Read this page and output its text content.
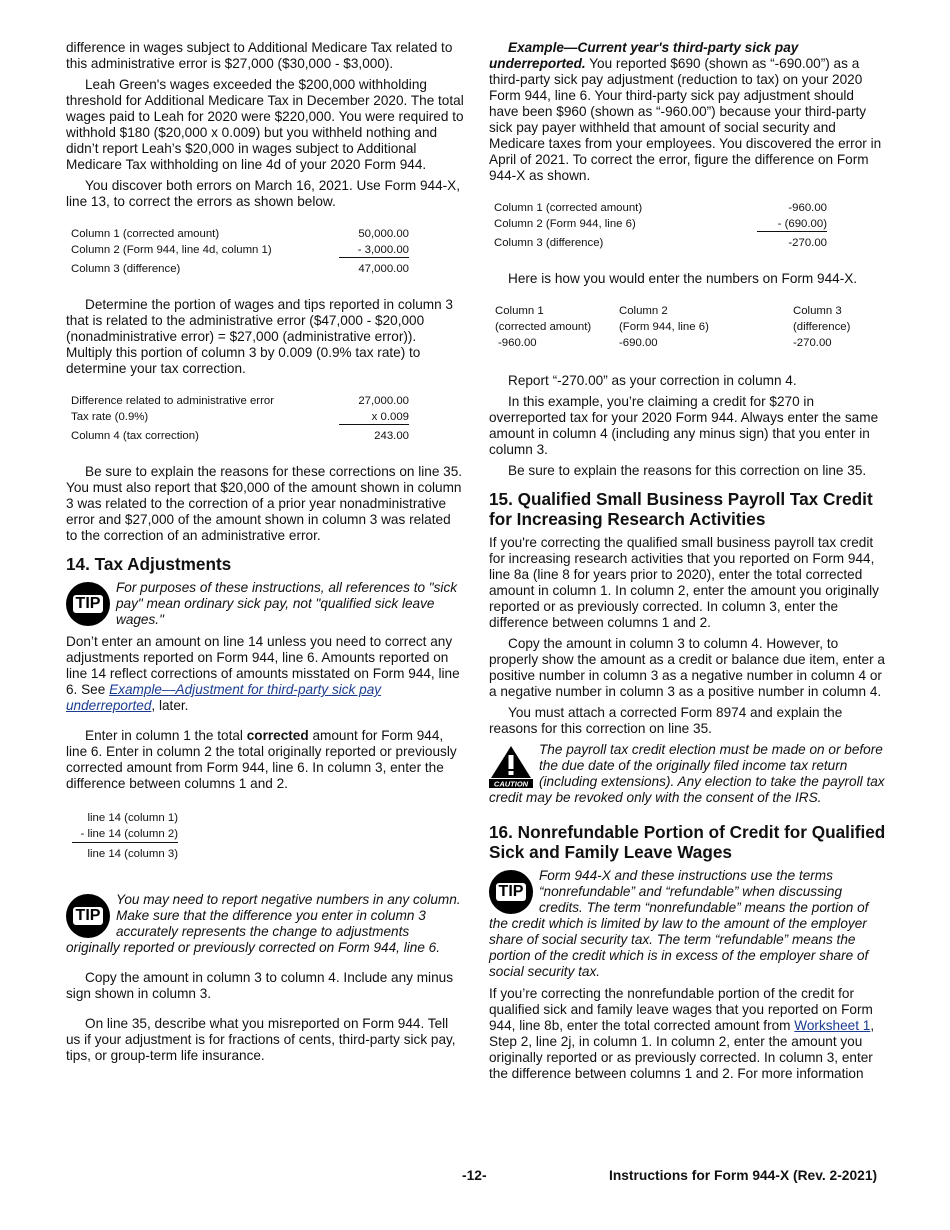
difference in wages subject to Additional Medicare Tax related to this administrative error is $27,000 ($30,000 - $3,000).

Leah Green's wages exceeded the $200,000 withholding threshold for Additional Medicare Tax in December 2020. The total wages paid to Leah for 2020 were $220,000. You were required to withhold $180 ($20,000 x 0.009) but you withheld nothing and didn’t report Leah’s $20,000 in wages subject to Additional Medicare Tax withholding on line 4d of your 2020 Form 944.

You discover both errors on March 16, 2021. Use Form 944-X, line 13, to correct the errors as shown below.

Column 1 (corrected amount)	50,000.00
Column 2 (Form 944, line 4d, column 1)	- 3,000.00
Column 3 (difference)	47,000.00

Determine the portion of wages and tips reported in column 3 that is related to the administrative error ($47,000 - $20,000 (nonadministrative error) = $27,000 (administrative error)). Multiply this portion of column 3 by 0.009 (0.9% tax rate) to determine your tax correction.

Difference related to administrative error	27,000.00
Tax rate (0.9%)	x 0.009
Column 4 (tax correction)	243.00

Be sure to explain the reasons for these corrections on line 35. You must also report that $20,000 of the amount shown in column 3 was related to the correction of a prior year nonadministrative error and $27,000 of the amount shown in column 3 was related to the correction of an administrative error.

14. Tax Adjustments
TIP
For purposes of these instructions, all references to "sick pay" mean ordinary sick pay, not "qualified sick leave wages."

Don’t enter an amount on line 14 unless you need to correct any adjustments reported on Form 944, line 6. Amounts reported on line 14 reflect corrections of amounts misstated on Form 944, line 6. See Example—Adjustment for third-party sick pay underreported, later.

Enter in column 1 the total corrected amount for Form 944, line 6. Enter in column 2 the total originally reported or previously corrected amount from Form 944, line 6. In column 3, enter the difference between columns 1 and 2.

line 14 (column 1)
- line 14 (column 2)
line 14 (column 3)
TIP
You may need to report negative numbers in any column. Make sure that the difference you enter in column 3 accurately represents the change to adjustments originally reported or previously corrected on Form 944, line 6.

Copy the amount in column 3 to column 4. Include any minus sign shown in column 3.

On line 35, describe what you misreported on Form 944. Tell us if your adjustment is for fractions of cents, third-party sick pay, tips, or group-term life insurance.

Example—Current year's third-party sick pay underreported. You reported $690 (shown as “-690.00”) as a third-party sick pay adjustment (reduction to tax) on your 2020 Form 944, line 6. Your third-party sick pay adjustment should have been $960 (shown as “-960.00”) because your third-party sick pay payer withheld that amount of social security and Medicare taxes from your employees. You discovered the error in April of 2021. To correct the error, figure the difference on Form 944-X as shown.

Column 1 (corrected amount)	-960.00
Column 2 (Form 944, line 6)	- (690.00)
Column 3 (difference)	-270.00

Here is how you would enter the numbers on Form 944-X.

Column 1	Column 2	Column 3
(corrected amount)	(Form 944, line 6)	(difference)
-960.00	-690.00	-270.00

Report “-270.00” as your correction in column 4.

In this example, you’re claiming a credit for $270 in overreported tax for your 2020 Form 944. Always enter the same amount in column 4 (including any minus sign) that you enter in column 3.

Be sure to explain the reasons for this correction on line 35.

15. Qualified Small Business Payroll Tax Credit for Increasing Research Activities

If you're correcting the qualified small business payroll tax credit for increasing research activities that you reported on Form 944, line 8a (line 8 for years prior to 2020), enter the total corrected amount in column 1. In column 2, enter the amount you originally reported or as previously corrected. In column 3, enter the difference between columns 1 and 2.

Copy the amount in column 3 to column 4. However, to properly show the amount as a credit or balance due item, enter a positive number in column 3 as a negative number in column 4 or a negative number in column 3 as a positive number in column 4.

You must attach a corrected Form 8974 and explain the reasons for this correction on line 35.

CAUTION
The payroll tax credit election must be made on or before the due date of the originally filed income tax return (including extensions). Any election to take the payroll tax credit may be revoked only with the consent of the IRS.
16. Nonrefundable Portion of Credit for Qualified Sick and Family Leave Wages
TIP
Form 944-X and these instructions use the terms “nonrefundable” and “refundable” when discussing credits. The term “nonrefundable” means the portion of the credit which is limited by law to the amount of the employer share of social security tax. The term “refundable” means the portion of the credit which is in excess of the employer share of social security tax.

If you’re correcting the nonrefundable portion of the credit for qualified sick and family leave wages that you reported on Form 944, line 8b, enter the total corrected amount from Worksheet 1, Step 2, line 2j, in column 1. In column 2, enter the amount you originally reported or as previously corrected. In column 3, enter the difference between columns 1 and 2. For more information

-12-	Instructions for Form 944-X (Rev. 2-2021)
